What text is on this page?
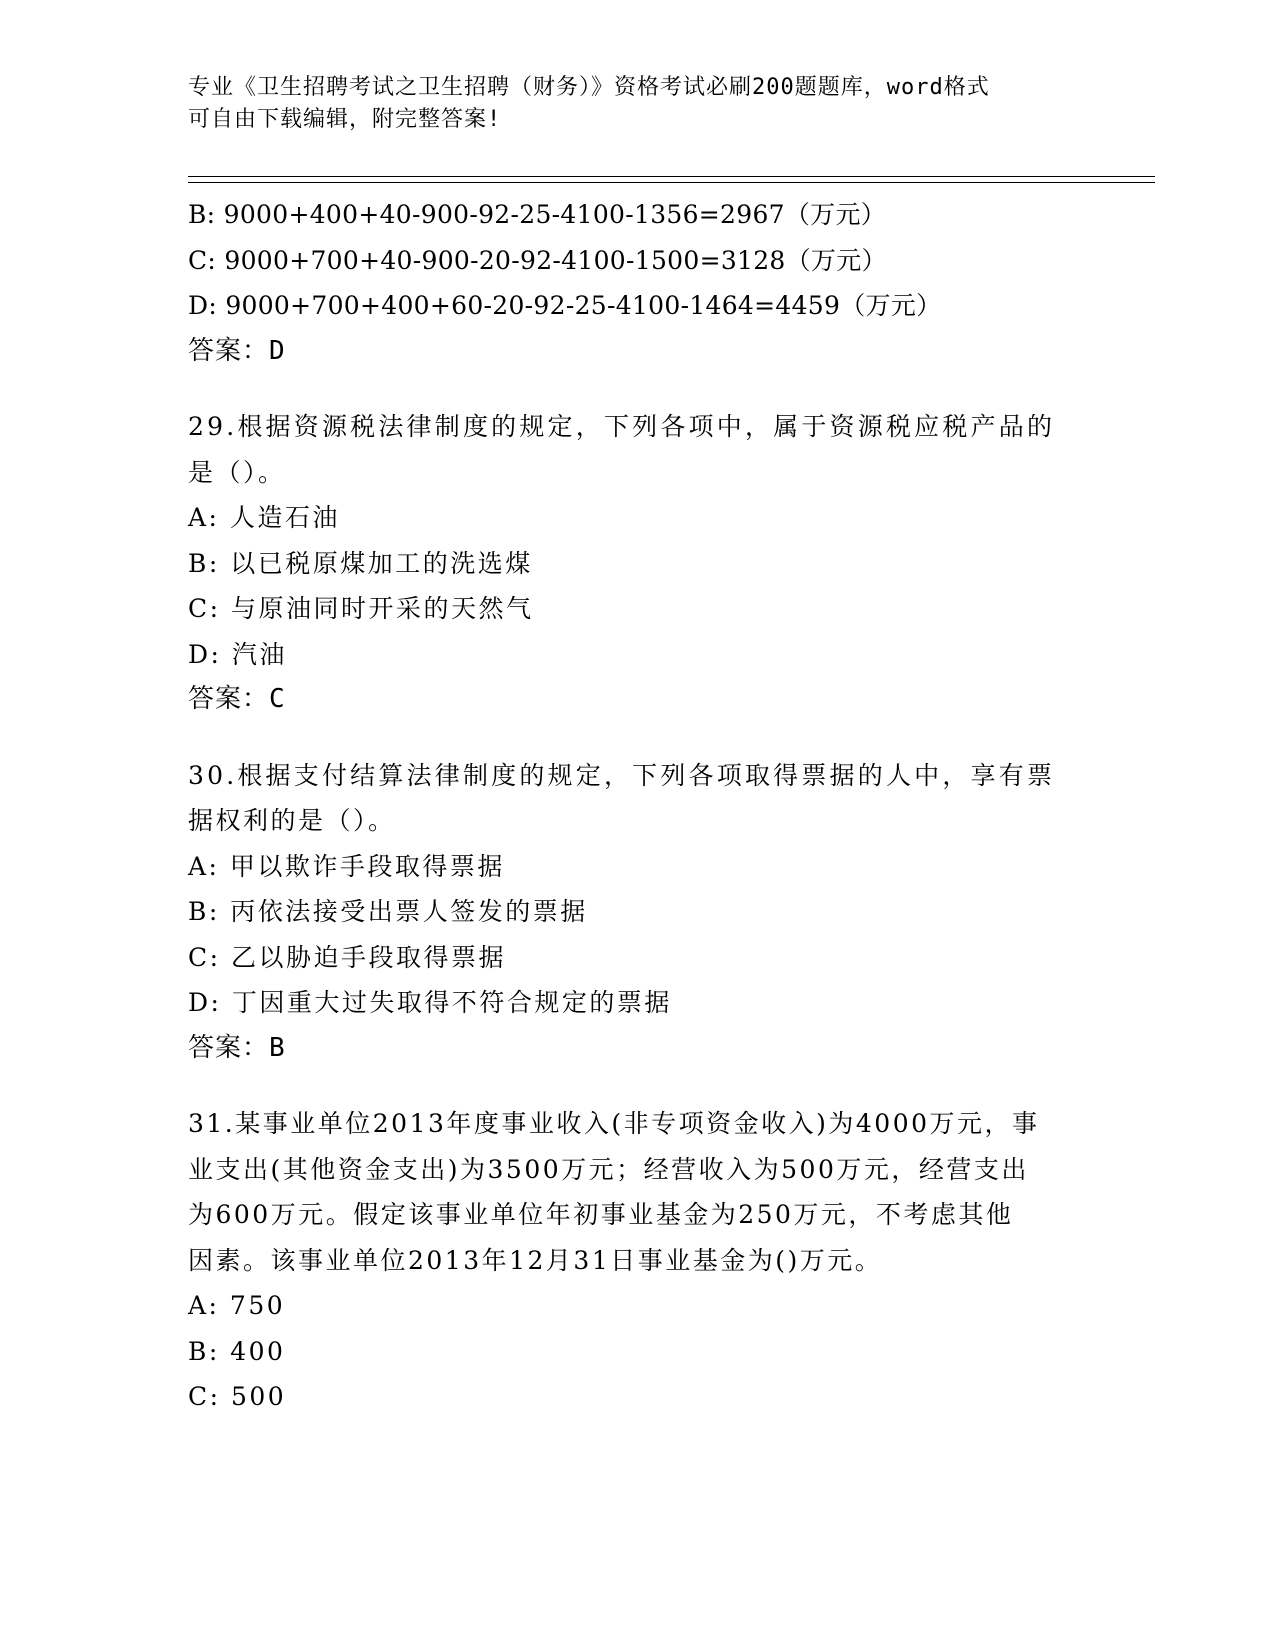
专业《卫生招聘考试之卫生招聘（财务）》资格考试必刷200题题库，word格式
可自由下载编辑，附完整答案!
B: 9000+400+40-900-92-25-4100-1356=2967（万元）
C: 9000+700+40-900-20-92-4100-1500=3128（万元）
D: 9000+700+400+60-20-92-25-4100-1464=4459（万元）
答案：D
29.根据资源税法律制度的规定，下列各项中，属于资源税应税产品的
是（）。
A: 人造石油
B: 以已税原煤加工的洗选煤
C: 与原油同时开采的天然气
D: 汽油
答案：C
30.根据支付结算法律制度的规定，下列各项取得票据的人中，享有票
据权利的是（）。
A: 甲以欺诈手段取得票据
B: 丙依法接受出票人签发的票据
C: 乙以胁迫手段取得票据
D: 丁因重大过失取得不符合规定的票据
答案：B
31.某事业单位2013年度事业收入(非专项资金收入)为4000万元，事
业支出(其他资金支出)为3500万元；经营收入为500万元，经营支出
为600万元。假定该事业单位年初事业基金为250万元，不考虑其他
因素。该事业单位2013年12月31日事业基金为()万元。
A: 750
B: 400
C: 500
